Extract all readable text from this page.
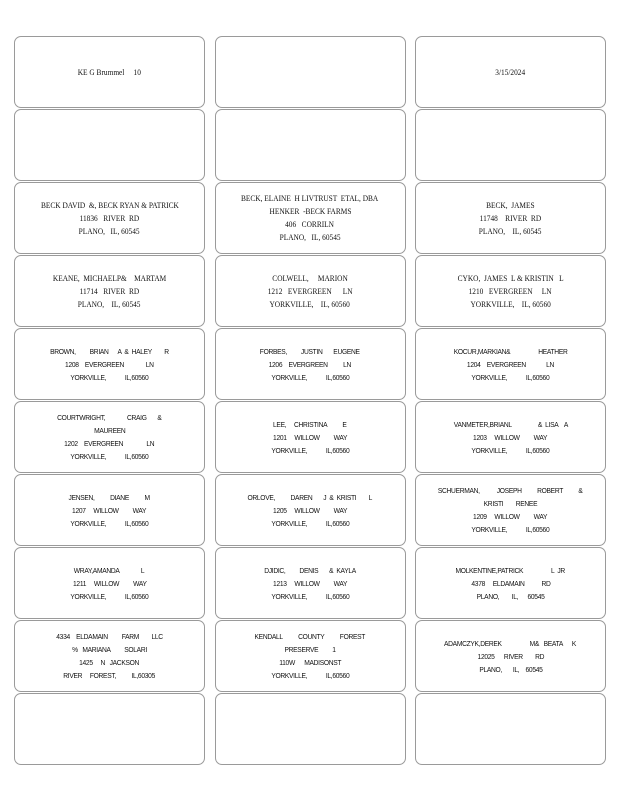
KE G Brummel     10	3/15/2024
BECK DAVID  &, BECK RYAN & PATRICK
11836   RIVER  RD
PLANO,   IL, 60545
BECK, ELAINE  H LIVTRUST  ETAL, DBA
HENKER  -BECK FARMS
406   CORRILN
PLANO,   IL, 60545
BECK,  JAMES
11748    RIVER  RD
PLANO,    IL, 60545
KEANE,  MICHAELP&    MARTAM
11714   RIVER  RD
PLANO,    IL, 60545
COLWELL,     MARION
1212   EVERGREEN      LN
YORKVILLE,    IL, 60560
CYKO,  JAMES  L & KRISTIN   L
1210   EVERGREEN     LN
YORKVILLE,    IL, 60560
BROWN,         BRIAN      A  &  HALEY        R
1208    EVERGREEN              LN
YORKVILLE,            IL,60560
FORBES,         JUSTIN       EUGENE
1206    EVERGREEN          LN
YORKVILLE,            IL,60560
KOCUR,MARKIAN&                  HEATHER
1204    EVERGREEN             LN
YORKVILLE,            IL,60560
COURTWRIGHT,              CRAIG       &
MAUREEN
1202    EVERGREEN               LN
YORKVILLE,            IL,60560
LEE,     CHRISTINA          E
1201     WILLOW         WAY
YORKVILLE,            IL,60560
VANMETER,BRIANL                 &  LISA    A
1203     WILLOW         WAY
YORKVILLE,            IL,60560
JENSEN,          DIANE          M
1207     WILLOW         WAY
YORKVILLE,            IL,60560
ORLOVE,          DAREN       J  &  KRISTI        L
1205     WILLOW         WAY
YORKVILLE,            IL,60560
SCHUERMAN,           JOSEPH          ROBERT          &
KRISTI        RENEE
1209     WILLOW         WAY
YORKVILLE,            IL,60560
WRAY,AMANDA              L
1211     WILLOW         WAY
YORKVILLE,            IL,60560
DJIDIC,         DENIS       &  KAYLA
1213     WILLOW         WAY
YORKVILLE,            IL,60560
MOLKENTINE,PATRICK                  L  JR
4378     ELDAMAIN           RD
PLANO,        IL,      60545
4334    ELDAMAIN         FARM        LLC
%   MARIANA         SOLARI
1425     N   JACKSON
RIVER     FOREST,          IL,60305
KENDALL          COUNTY          FOREST
PRESERVE         1
110W      MADISONST
YORKVILLE,            IL,60560
ADAMCZYK,DEREK                  M&   BEATA      K
12025      RIVER        RD
PLANO,       IL,    60545
